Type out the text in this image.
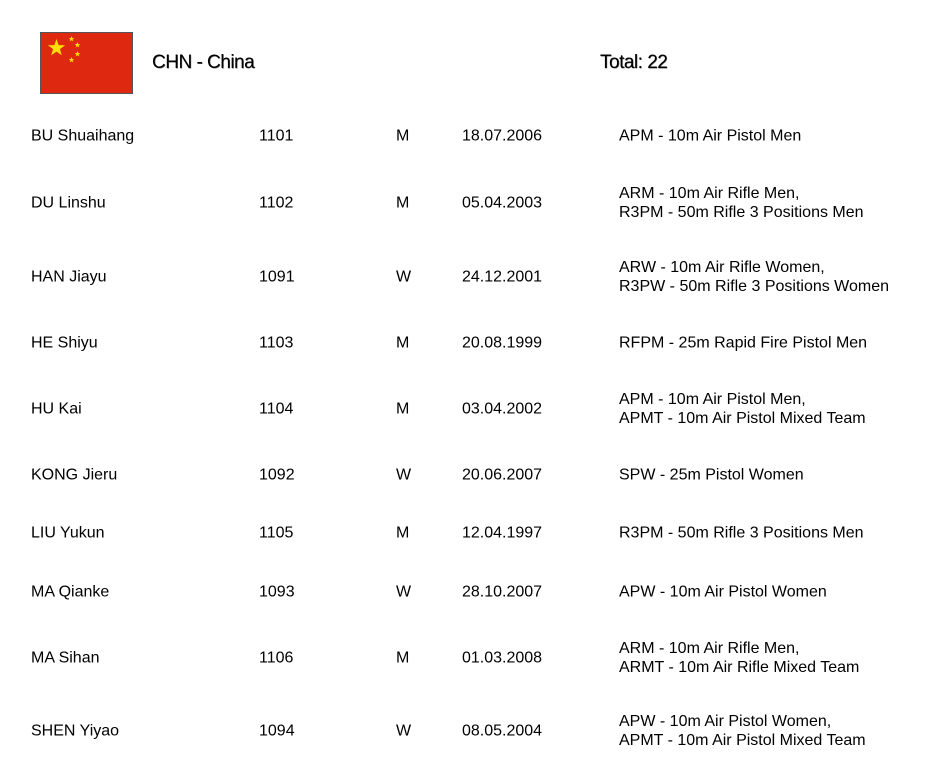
CHN - China	Total: 22
BU Shuaihang	1101	M	18.07.2006	APM - 10m Air Pistol Men
DU Linshu	1102	M	05.04.2003
ARM - 10m Air Rifle Men,
R3PM - 50m Rifle 3 Positions Men
HAN Jiayu	1091	W	24.12.2001
ARW - 10m Air Rifle Women,
R3PW - 50m Rifle 3 Positions Women
HE Shiyu	1103	M	20.08.1999	RFPM - 25m Rapid Fire Pistol Men
HU Kai	1104	M	03.04.2002
APM - 10m Air Pistol Men,
APMT - 10m Air Pistol Mixed Team
KONG Jieru	1092	W	20.06.2007	SPW - 25m Pistol Women
LIU Yukun	1105	M	12.04.1997	R3PM - 50m Rifle 3 Positions Men
MA Qianke	1093	W	28.10.2007	APW - 10m Air Pistol Women
MA Sihan	1106	M	01.03.2008
ARM - 10m Air Rifle Men,
ARMT - 10m Air Rifle Mixed Team
SHEN Yiyao	1094	W	08.05.2004
APW - 10m Air Pistol Women,
APMT - 10m Air Pistol Mixed Team
